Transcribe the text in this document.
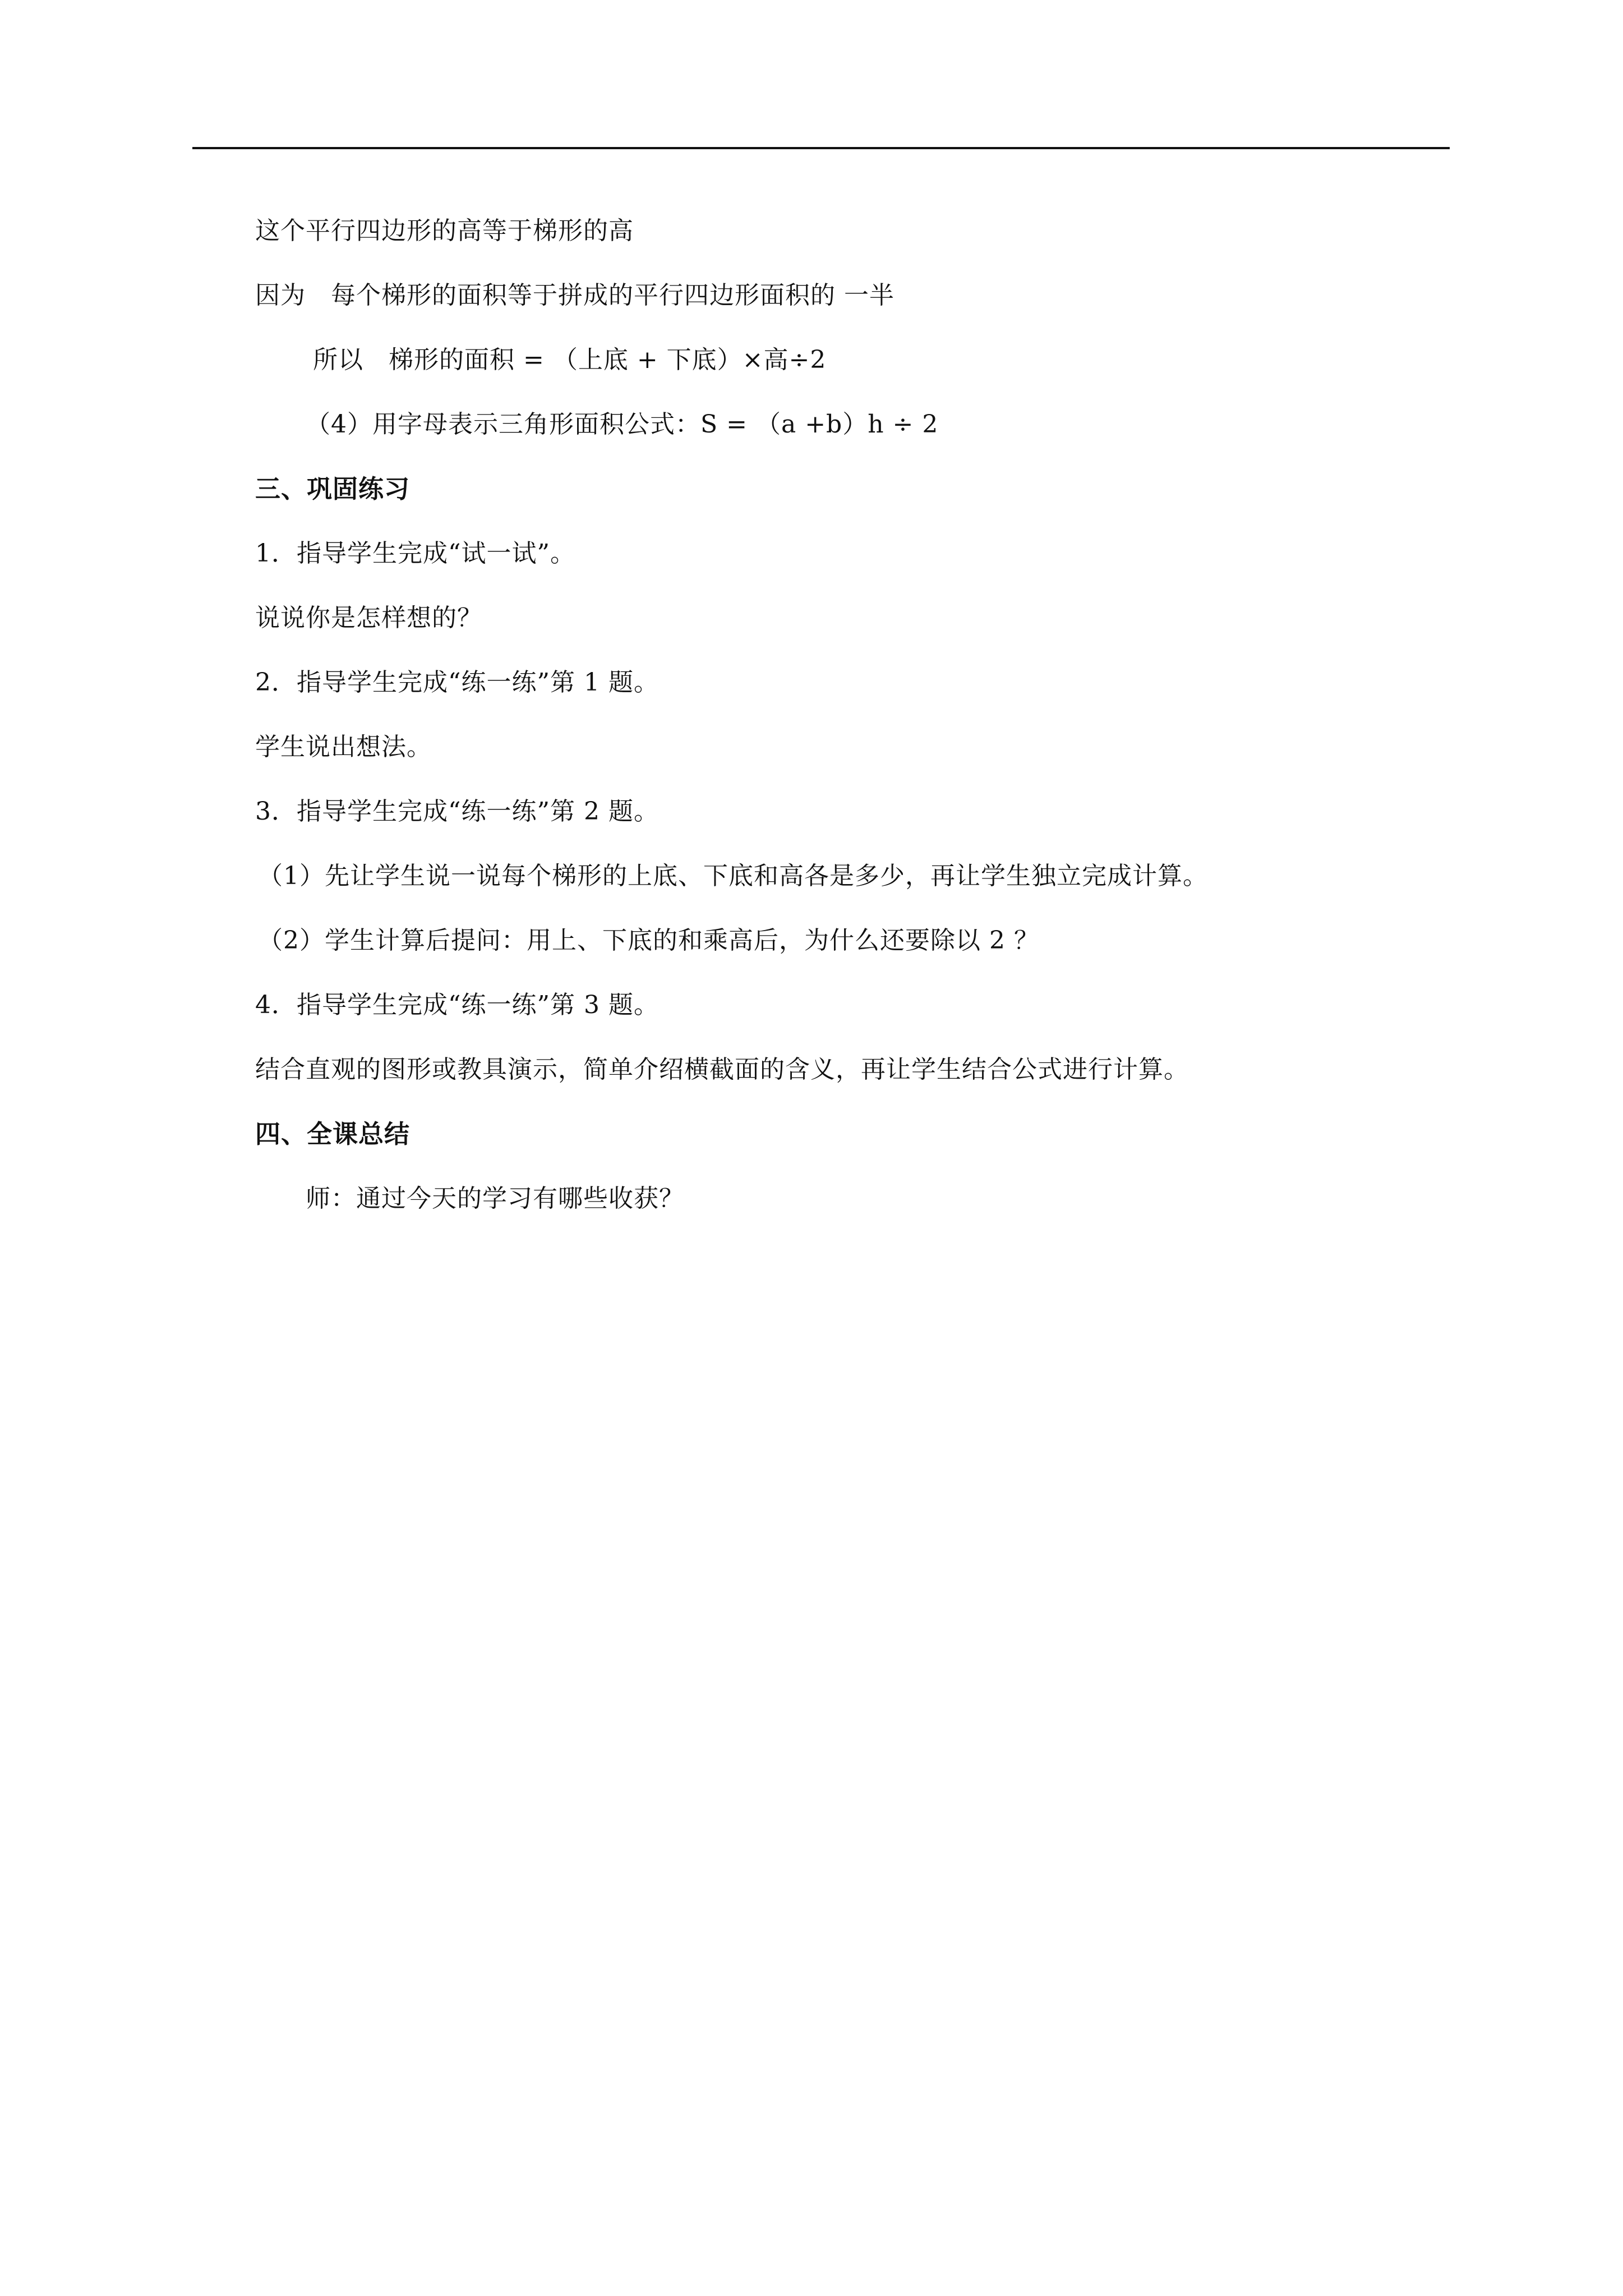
这个平行四边形的高等于梯形的高
因为　每个梯形的面积等于拼成的平行四边形面积的 一半
所以　梯形的面积 = （上底 + 下底）×高÷2
（4）用字母表示三角形面积公式：S = （a +b）h ÷ 2
三、巩固练习
1．指导学生完成“试一试”。
说说你是怎样想的？
2．指导学生完成“练一练”第 1 题。
学生说出想法。
3．指导学生完成“练一练”第 2 题。
（1）先让学生说一说每个梯形的上底、下底和高各是多少，再让学生独立完成计算。
（2）学生计算后提问：用上、下底的和乘高后，为什么还要除以 2 ？
4．指导学生完成“练一练”第 3 题。
结合直观的图形或教具演示，简单介绍横截面的含义，再让学生结合公式进行计算。
四、全课总结
师：通过今天的学习有哪些收获？
